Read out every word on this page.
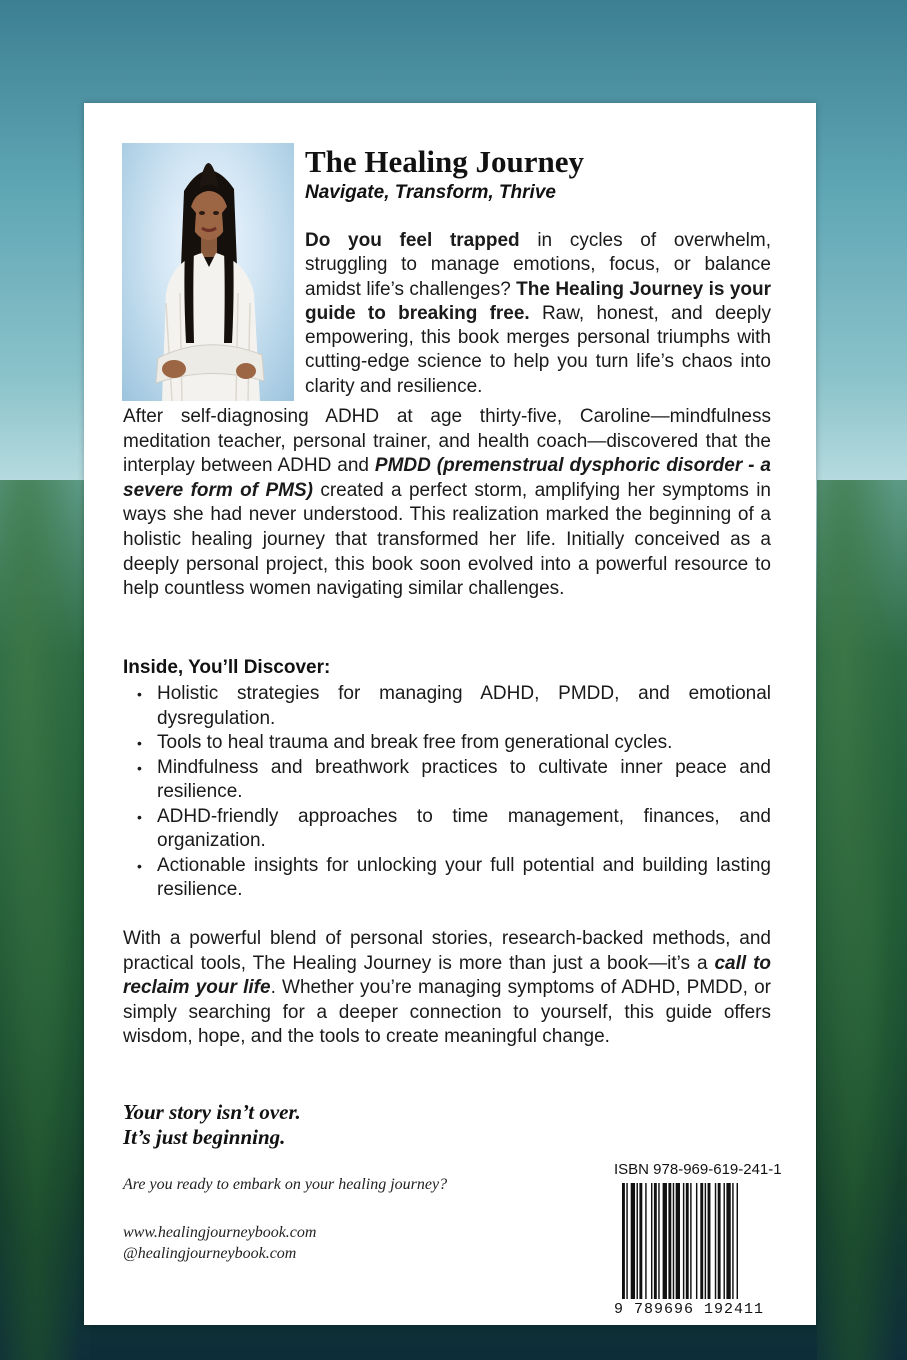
The Healing Journey

Navigate, Transform, Thrive

Do you feel trapped in cycles of overwhelm, struggling to manage emotions, focus, or balance amidst life’s challenges? The Healing Journey is your guide to breaking free. Raw, honest, and deeply empowering, this book merges personal triumphs with cutting-edge science to help you turn life’s chaos into clarity and resilience.

After self-diagnosing ADHD at age thirty-five, Caroline—mindfulness meditation teacher, personal trainer, and health coach—discovered that the interplay between ADHD and PMDD (premenstrual dysphoric disorder - a severe form of PMS) created a perfect storm, amplifying her symptoms in ways she had never understood. This realization marked the beginning of a holistic healing journey that transformed her life. Initially conceived as a deeply personal project, this book soon evolved into a powerful resource to help countless women navigating similar challenges.

Inside, You’ll Discover:

• Holistic strategies for managing ADHD, PMDD, and emotional dysregulation.
• Tools to heal trauma and break free from generational cycles.
• Mindfulness and breathwork practices to cultivate inner peace and resilience.
• ADHD-friendly approaches to time management, finances, and organization.
• Actionable insights for unlocking your full potential and building lasting resilience.

With a powerful blend of personal stories, research-backed methods, and practical tools, The Healing Journey is more than just a book—it’s a call to reclaim your life. Whether you’re managing symptoms of ADHD, PMDD, or simply searching for a deeper connection to yourself, this guide offers wisdom, hope, and the tools to create meaningful change.

Your story isn’t over.
It’s just beginning.
Are you ready to embark on your healing journey?
www.healingjourneybook.com
@healingjourneybook.com
ISBN 978-969-619-241-1
9 789696 192411
